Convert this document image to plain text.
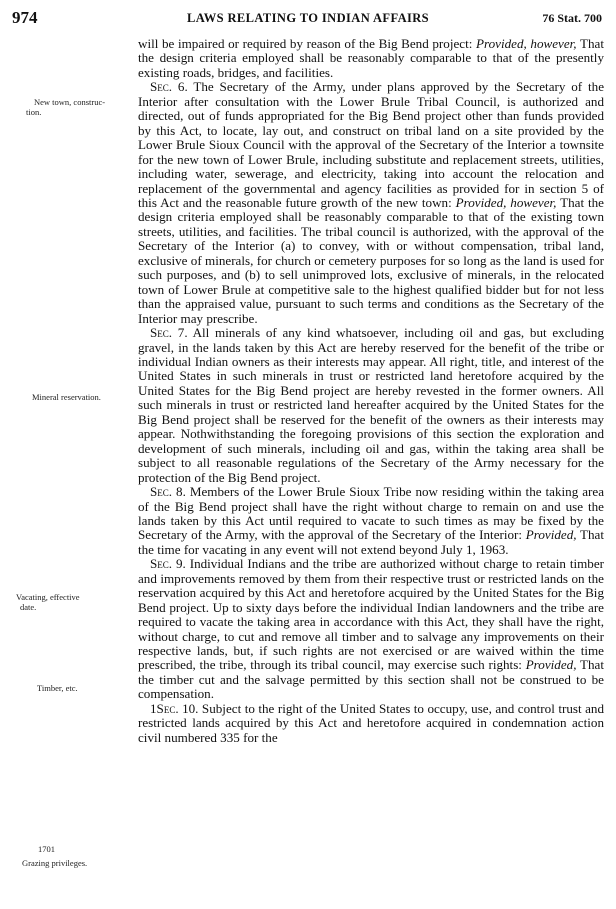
974	LAWS RELATING TO INDIAN AFFAIRS	76 Stat. 700
New town, construc-
tion.
Mineral reservation.
Vacating, effective
date.
Timber, etc.
1701
Grazing privileges.

will be impaired or required by reason of the Big Bend project: Provided, however, That the design criteria employed shall be reasonably comparable to that of the presently existing roads, bridges, and facilities.

Sec. 6. The Secretary of the Army, under plans approved by the Secretary of the Interior after consultation with the Lower Brule Tribal Council, is authorized and directed, out of funds appropriated for the Big Bend project other than funds provided by this Act, to locate, lay out, and construct on tribal land on a site provided by the Lower Brule Sioux Council with the approval of the Secretary of the Interior a townsite for the new town of Lower Brule, including substitute and replacement streets, utilities, including water, sewerage, and electricity, taking into account the relocation and replacement of the governmental and agency facilities as provided for in section 5 of this Act and the reasonable future growth of the new town: Provided, however, That the design criteria employed shall be reasonably comparable to that of the existing town streets, utilities, and facilities. The tribal council is authorized, with the approval of the Secretary of the Interior (a) to convey, with or without compensation, tribal land, exclusive of minerals, for church or cemetery purposes for so long as the land is used for such purposes, and (b) to sell unimproved lots, exclusive of minerals, in the relocated town of Lower Brule at competitive sale to the highest qualified bidder but for not less than the appraised value, pursuant to such terms and conditions as the Secretary of the Interior may prescribe.

Sec. 7. All minerals of any kind whatsoever, including oil and gas, but excluding gravel, in the lands taken by this Act are hereby reserved for the benefit of the tribe or individual Indian owners as their interests may appear. All right, title, and interest of the United States in such minerals in trust or restricted land heretofore acquired by the United States for the Big Bend project are hereby revested in the former owners. All such minerals in trust or restricted land hereafter acquired by the United States for the Big Bend project shall be reserved for the benefit of the owners as their interests may appear. Nothwithstanding the foregoing provisions of this section the exploration and development of such minerals, including oil and gas, within the taking area shall be subject to all reasonable regulations of the Secretary of the Army necessary for the protection of the Big Bend project.

Sec. 8. Members of the Lower Brule Sioux Tribe now residing within the taking area of the Big Bend project shall have the right without charge to remain on and use the lands taken by this Act until required to vacate to such times as may be fixed by the Secretary of the Army, with the approval of the Secretary of the Interior: Provided, That the time for vacating in any event will not extend beyond July 1, 1963.

Sec. 9. Individual Indians and the tribe are authorized without charge to retain timber and improvements removed by them from their respective trust or restricted lands on the reservation acquired by this Act and heretofore acquired by the United States for the Big Bend project. Up to sixty days before the individual Indian landowners and the tribe are required to vacate the taking area in accordance with this Act, they shall have the right, without charge, to cut and remove all timber and to salvage any improvements on their respective lands, but, if such rights are not exercised or are waived within the time prescribed, the tribe, through its tribal council, may exercise such rights: Provided, That the timber cut and the salvage permitted by this section shall not be construed to be compensation.

1Sec. 10. Subject to the right of the United States to occupy, use, and control trust and restricted lands acquired by this Act and heretofore acquired in condemnation action civil numbered 335 for the
